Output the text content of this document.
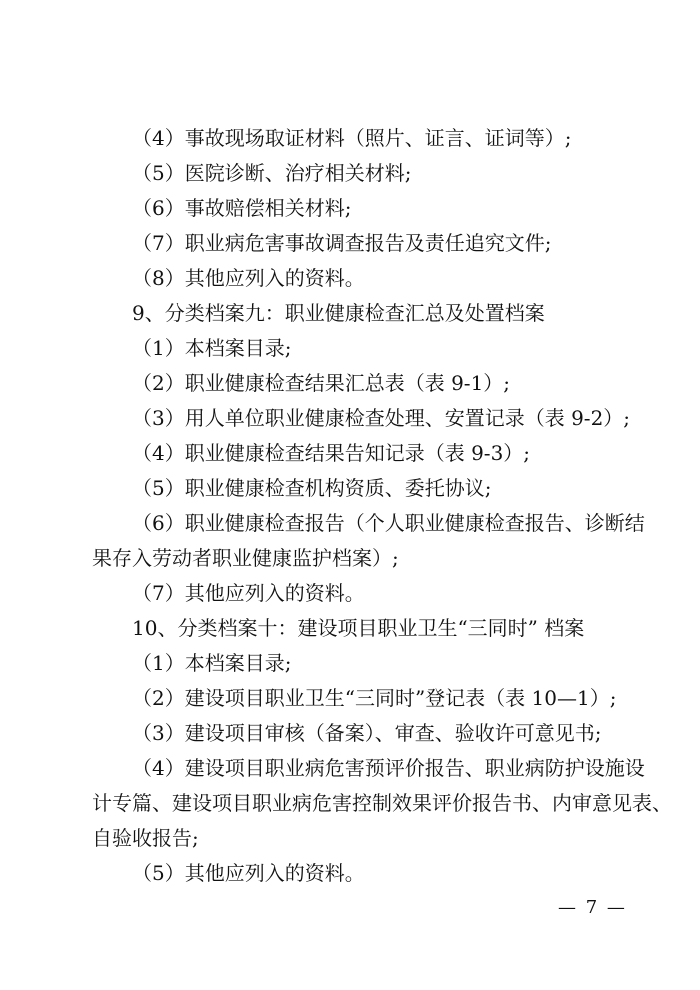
（4）事故现场取证材料（照片、证言、证词等）;
（5）医院诊断、治疗相关材料;
（6）事故赔偿相关材料;
（7）职业病危害事故调查报告及责任追究文件;
（8）其他应列入的资料。
9、分类档案九：职业健康检查汇总及处置档案
（1）本档案目录;
（2）职业健康检查结果汇总表（表 9-1）;
（3）用人单位职业健康检查处理、安置记录（表 9-2）;
（4）职业健康检查结果告知记录（表 9-3）;
（5）职业健康检查机构资质、委托协议;
（6）职业健康检查报告（个人职业健康检查报告、诊断结
果存入劳动者职业健康监护档案）;
（7）其他应列入的资料。
10、分类档案十：建设项目职业卫生“三同时” 档案
（1）本档案目录;
（2）建设项目职业卫生“三同时”登记表（表 10—1）;
（3）建设项目审核（备案）、审查、验收许可意见书;
（4）建设项目职业病危害预评价报告、职业病防护设施设
计专篇、建设项目职业病危害控制效果评价报告书、内审意见表、
自验收报告;
（5）其他应列入的资料。
— 7 —
